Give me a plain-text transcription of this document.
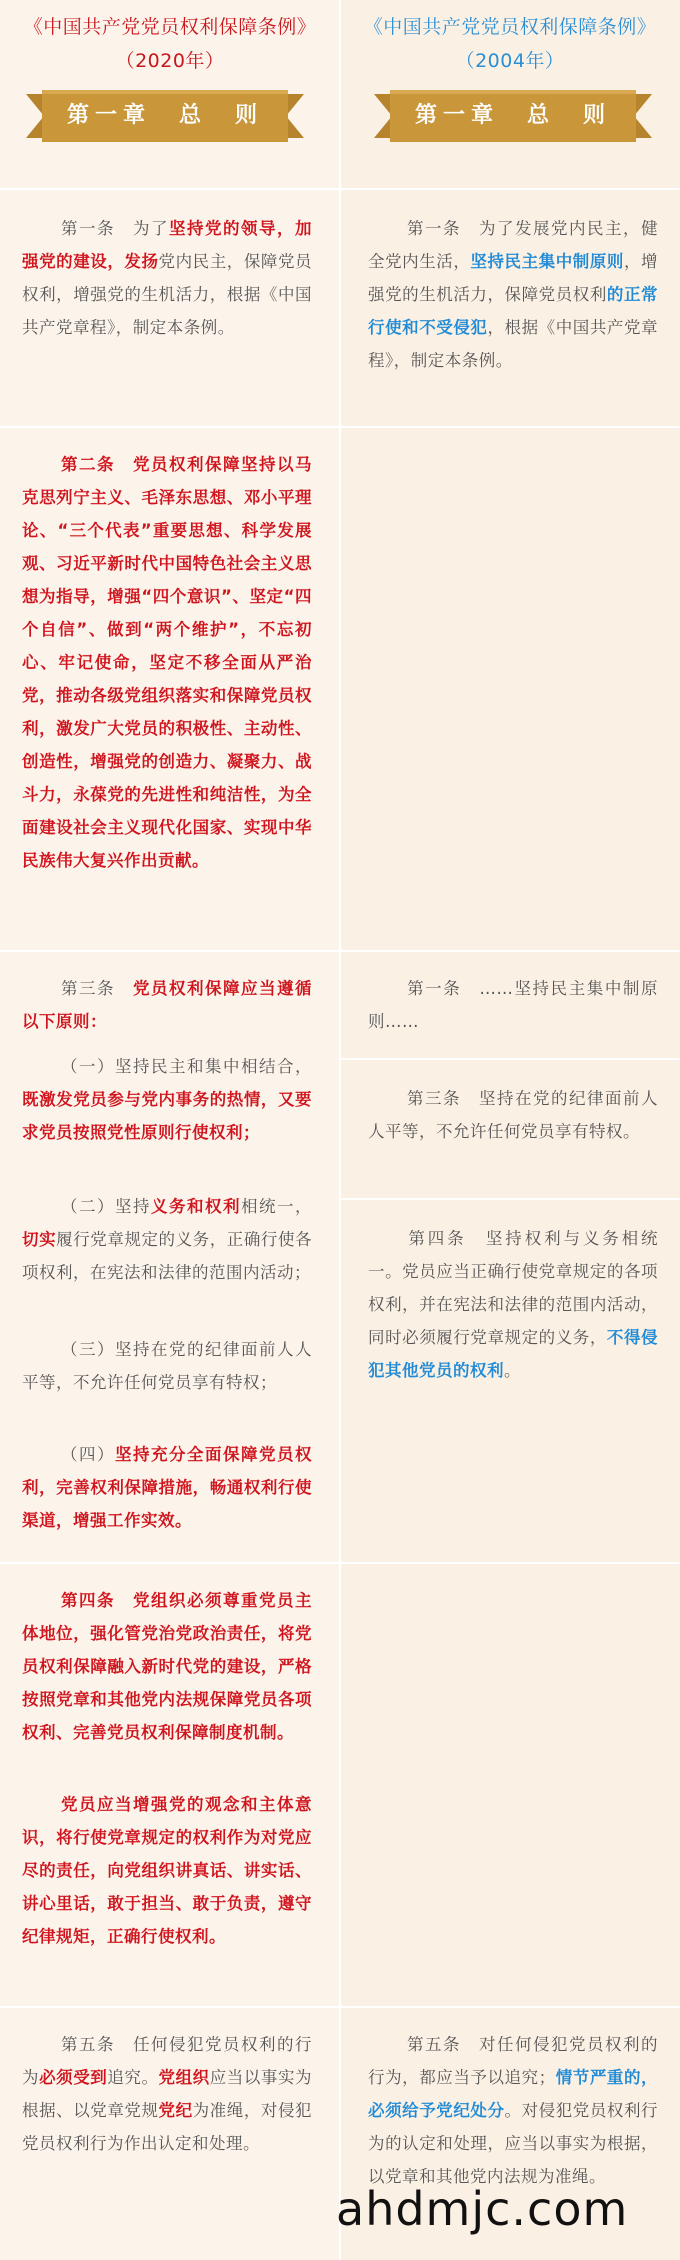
《中国共产党党员权利保障条例》
（2020年）
《中国共产党党员权利保障条例》
（2004年）
第一章　总　则	第一章　总　则
第一条　为了坚持党的领导，加强党的建设，发扬党内民主，保障党员权利，增强党的生机活力，根据《中国共产党章程》，制定本条例。
第二条　党员权利保障坚持以马克思列宁主义、毛泽东思想、邓小平理论、“三个代表”重要思想、科学发展观、习近平新时代中国特色社会主义思想为指导，增强“四个意识”、坚定“四个自信”、做到“两个维护”，不忘初心、牢记使命，坚定不移全面从严治党，推动各级党组织落实和保障党员权利，激发广大党员的积极性、主动性、创造性，增强党的创造力、凝聚力、战斗力，永葆党的先进性和纯洁性，为全面建设社会主义现代化国家、实现中华民族伟大复兴作出贡献。
第三条　党员权利保障应当遵循以下原则：
（一）坚持民主和集中相结合，既激发党员参与党内事务的热情，又要求党员按照党性原则行使权利；
（二）坚持义务和权利相统一，切实履行党章规定的义务，正确行使各项权利，在宪法和法律的范围内活动；
（三）坚持在党的纪律面前人人平等，不允许任何党员享有特权；
（四）坚持充分全面保障党员权利，完善权利保障措施，畅通权利行使渠道，增强工作实效。
第四条　党组织必须尊重党员主体地位，强化管党治党政治责任，将党员权利保障融入新时代党的建设，严格按照党章和其他党内法规保障党员各项权利、完善党员权利保障制度机制。
党员应当增强党的观念和主体意识，将行使党章规定的权利作为对党应尽的责任，向党组织讲真话、讲实话、讲心里话，敢于担当、敢于负责，遵守纪律规矩，正确行使权利。
第五条　任何侵犯党员权利的行为必须受到追究。党组织应当以事实为根据、以党章党规党纪为准绳，对侵犯党员权利行为作出认定和处理。
第一条　为了发展党内民主，健全党内生活，坚持民主集中制原则，增强党的生机活力，保障党员权利的正常行使和不受侵犯，根据《中国共产党章程》，制定本条例。
第一条　……坚持民主集中制原则……
第三条　坚持在党的纪律面前人人平等，不允许任何党员享有特权。
第四条　坚持权利与义务相统一。党员应当正确行使党章规定的各项权利，并在宪法和法律的范围内活动，同时必须履行党章规定的义务，不得侵犯其他党员的权利。
第五条　对任何侵犯党员权利的行为，都应当予以追究；情节严重的，必须给予党纪处分。对侵犯党员权利行为的认定和处理，应当以事实为根据，以党章和其他党内法规为准绳。
ahdmjc.com
